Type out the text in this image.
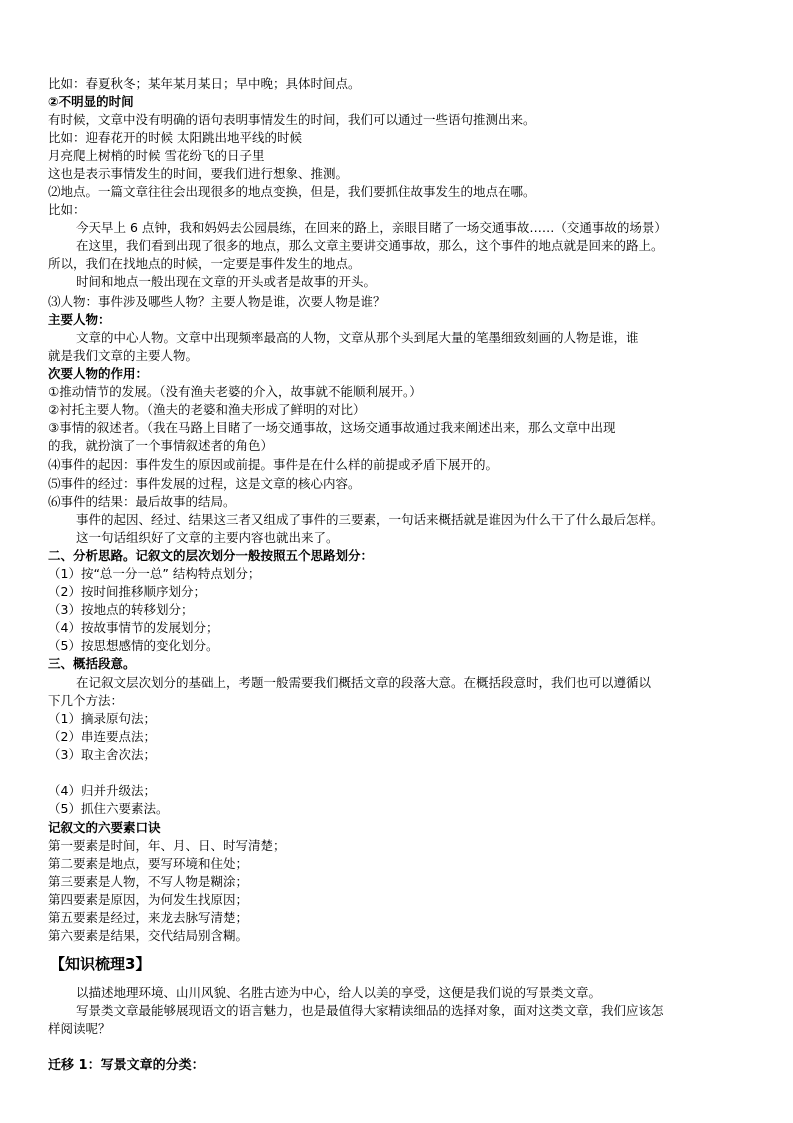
比如：春夏秋冬；某年某月某日；早中晚；具体时间点。
②不明显的时间
有时候，文章中没有明确的语句表明事情发生的时间，我们可以通过一些语句推测出来。
比如：迎春花开的时候 太阳跳出地平线的时候
月亮爬上树梢的时候 雪花纷飞的日子里
这也是表示事情发生的时间，要我们进行想象、推测。
⑵地点。一篇文章往往会出现很多的地点变换，但是，我们要抓住故事发生的地点在哪。
比如：
今天早上 6 点钟，我和妈妈去公园晨练，在回来的路上，亲眼目睹了一场交通事故……（交通事故的场景）
在这里，我们看到出现了很多的地点，那么文章主要讲交通事故，那么，这个事件的地点就是回来的路上。
所以，我们在找地点的时候，一定要是事件发生的地点。
时间和地点一般出现在文章的开头或者是故事的开头。
⑶人物：事件涉及哪些人物？主要人物是谁，次要人物是谁？
主要人物：
文章的中心人物。文章中出现频率最高的人物，文章从那个头到尾大量的笔墨细致刻画的人物是谁，谁
就是我们文章的主要人物。
次要人物的作用：
①推动情节的发展。（没有渔夫老婆的介入，故事就不能顺利展开。）
②衬托主要人物。（渔夫的老婆和渔夫形成了鲜明的对比）
③事情的叙述者。（我在马路上目睹了一场交通事故，这场交通事故通过我来阐述出来，那么文章中出现
的我，就扮演了一个事情叙述者的角色）
⑷事件的起因：事件发生的原因或前提。事件是在什么样的前提或矛盾下展开的。
⑸事件的经过：事件发展的过程，这是文章的核心内容。
⑹事件的结果：最后故事的结局。
事件的起因、经过、结果这三者又组成了事件的三要素，一句话来概括就是谁因为什么干了什么最后怎样。
这一句话组织好了文章的主要内容也就出来了。
二、分析思路。记叙文的层次划分一般按照五个思路划分：
（1）按“总一分一总” 结构特点划分；
（2）按时间推移顺序划分；
（3）按地点的转移划分；
（4）按故事情节的发展划分；
（5）按思想感情的变化划分。
三、概括段意。
在记叙文层次划分的基础上，考题一般需要我们概括文章的段落大意。在概括段意时，我们也可以遵循以
下几个方法：
（1）摘录原句法；
（2）串连要点法；
（3）取主舍次法；
（4）归并升级法；
（5）抓住六要素法。
记叙文的六要素口诀
第一要素是时间，年、月、日、时写清楚；
第二要素是地点，要写环境和住处；
第三要素是人物，不写人物是糊涂；
第四要素是原因，为何发生找原因；
第五要素是经过，来龙去脉写清楚；
第六要素是结果，交代结局别含糊。
【知识梳理3】
以描述地理环境、山川风貌、名胜古迹为中心，给人以美的享受，这便是我们说的写景类文章。
写景类文章最能够展现语文的语言魅力，也是最值得大家精读细品的选择对象，面对这类文章，我们应该怎
样阅读呢？
迁移 1：写景文章的分类：
